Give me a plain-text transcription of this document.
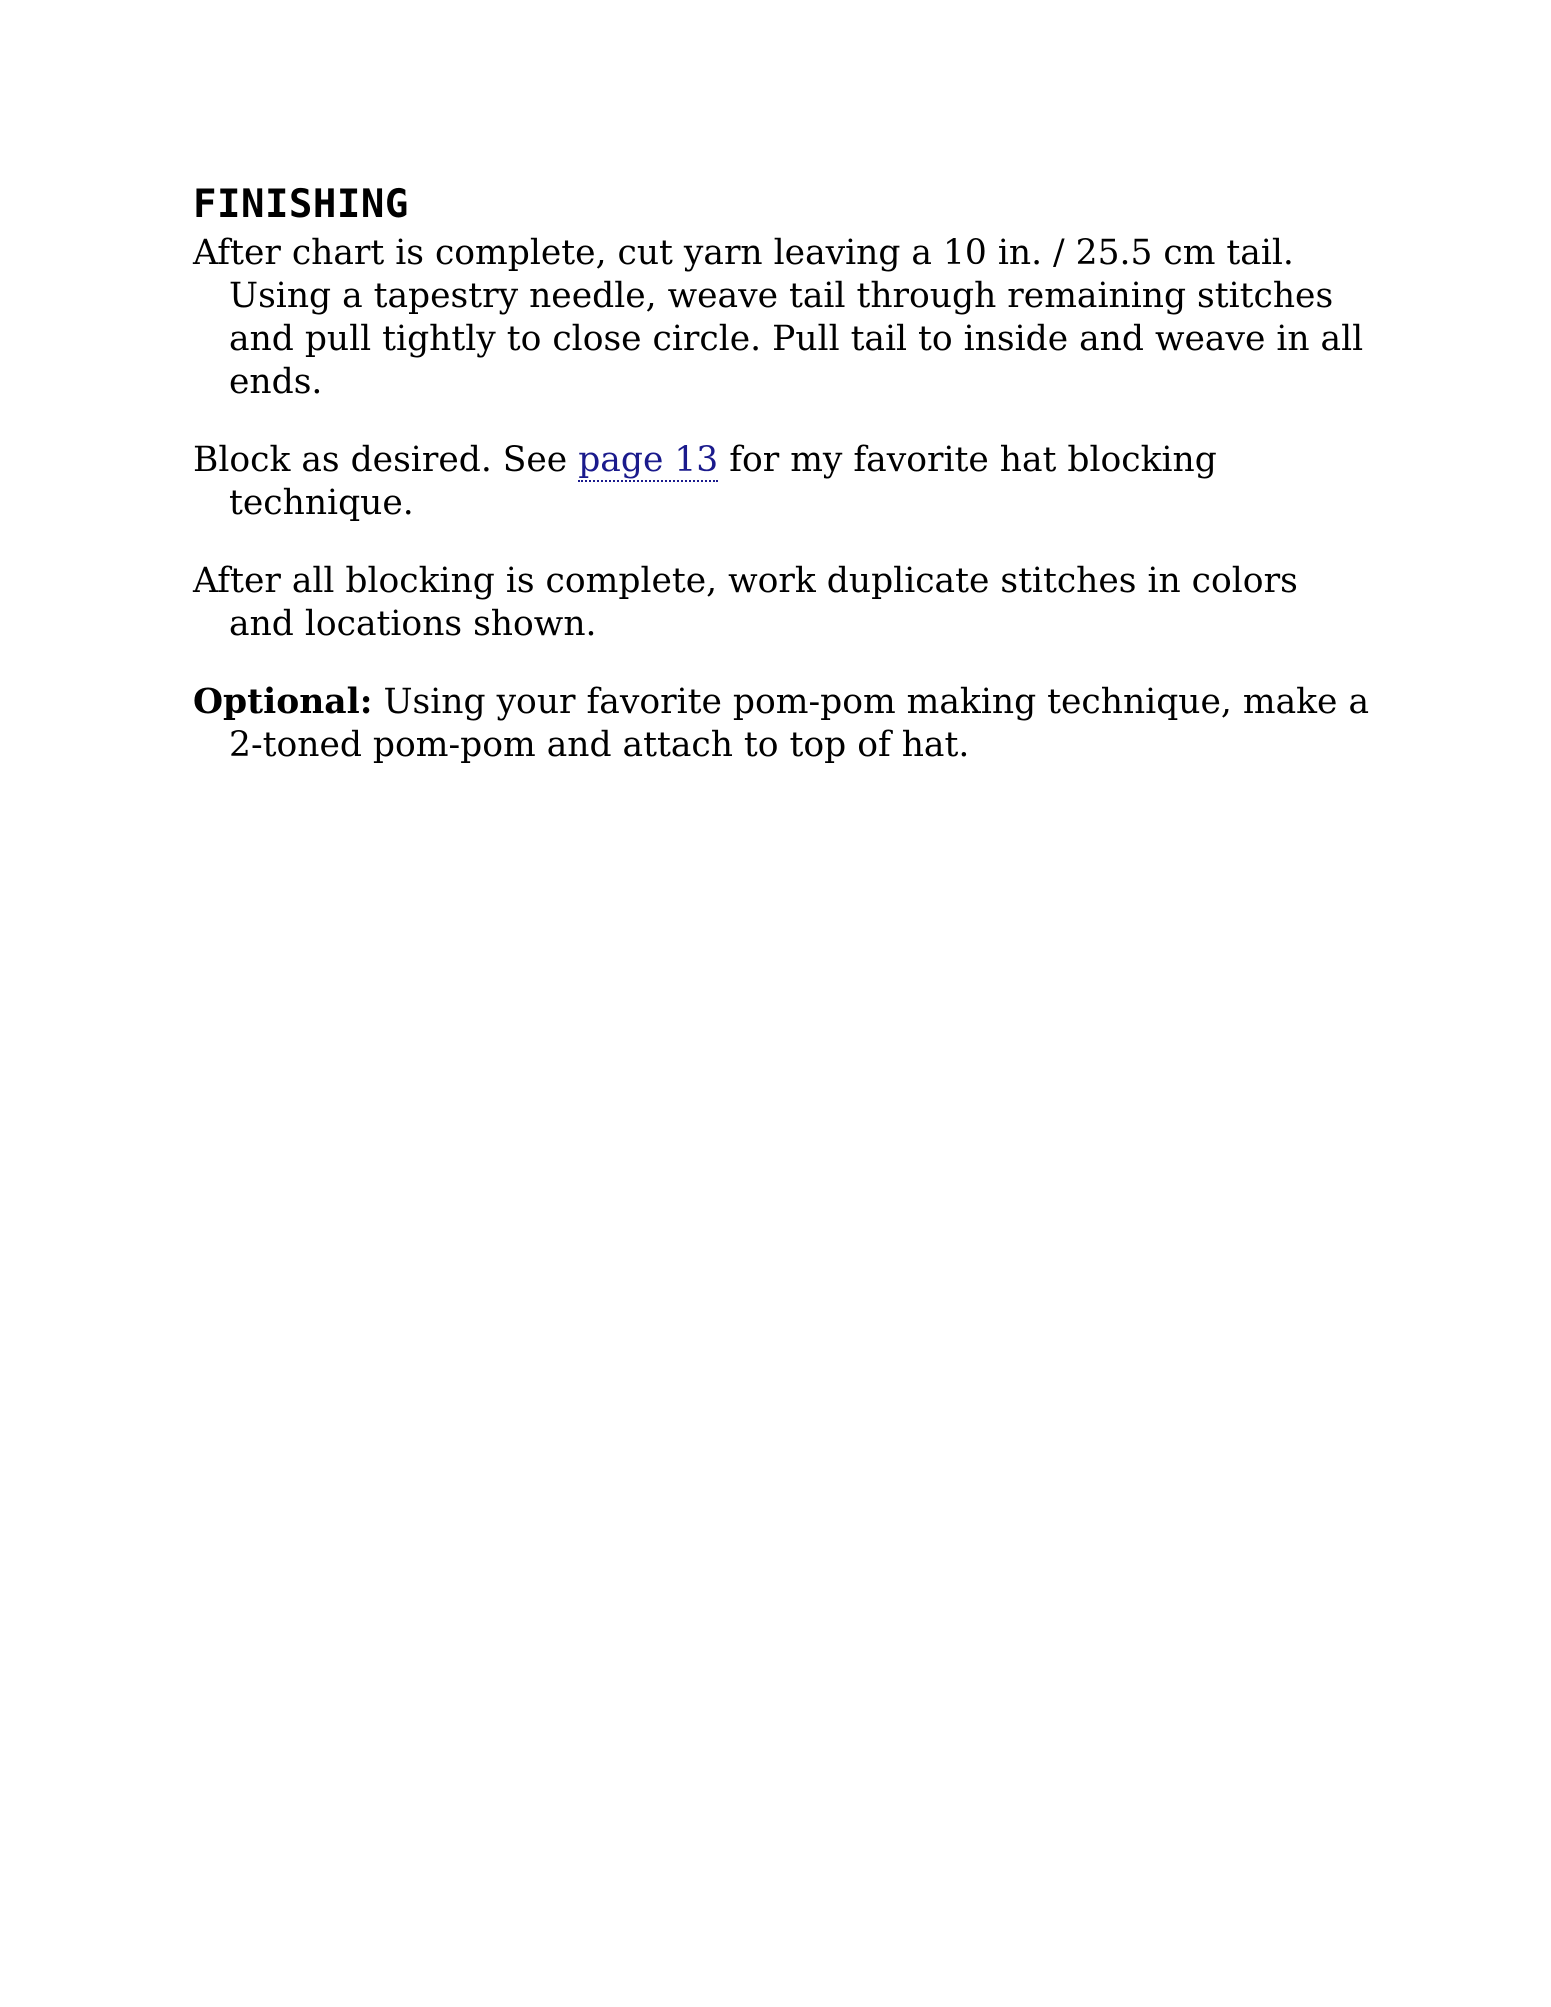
FINISHING

After chart is complete, cut yarn leaving a 10 in. / 25.5 cm tail. Using a tapestry needle, weave tail through remaining stitches and pull tightly to close circle. Pull tail to inside and weave in all ends.

Block as desired. See page 13 for my favorite hat blocking technique.

After all blocking is complete, work duplicate stitches in colors and locations shown.

Optional: Using your favorite pom-pom making technique, make a 2-toned pom-pom and attach to top of hat.
